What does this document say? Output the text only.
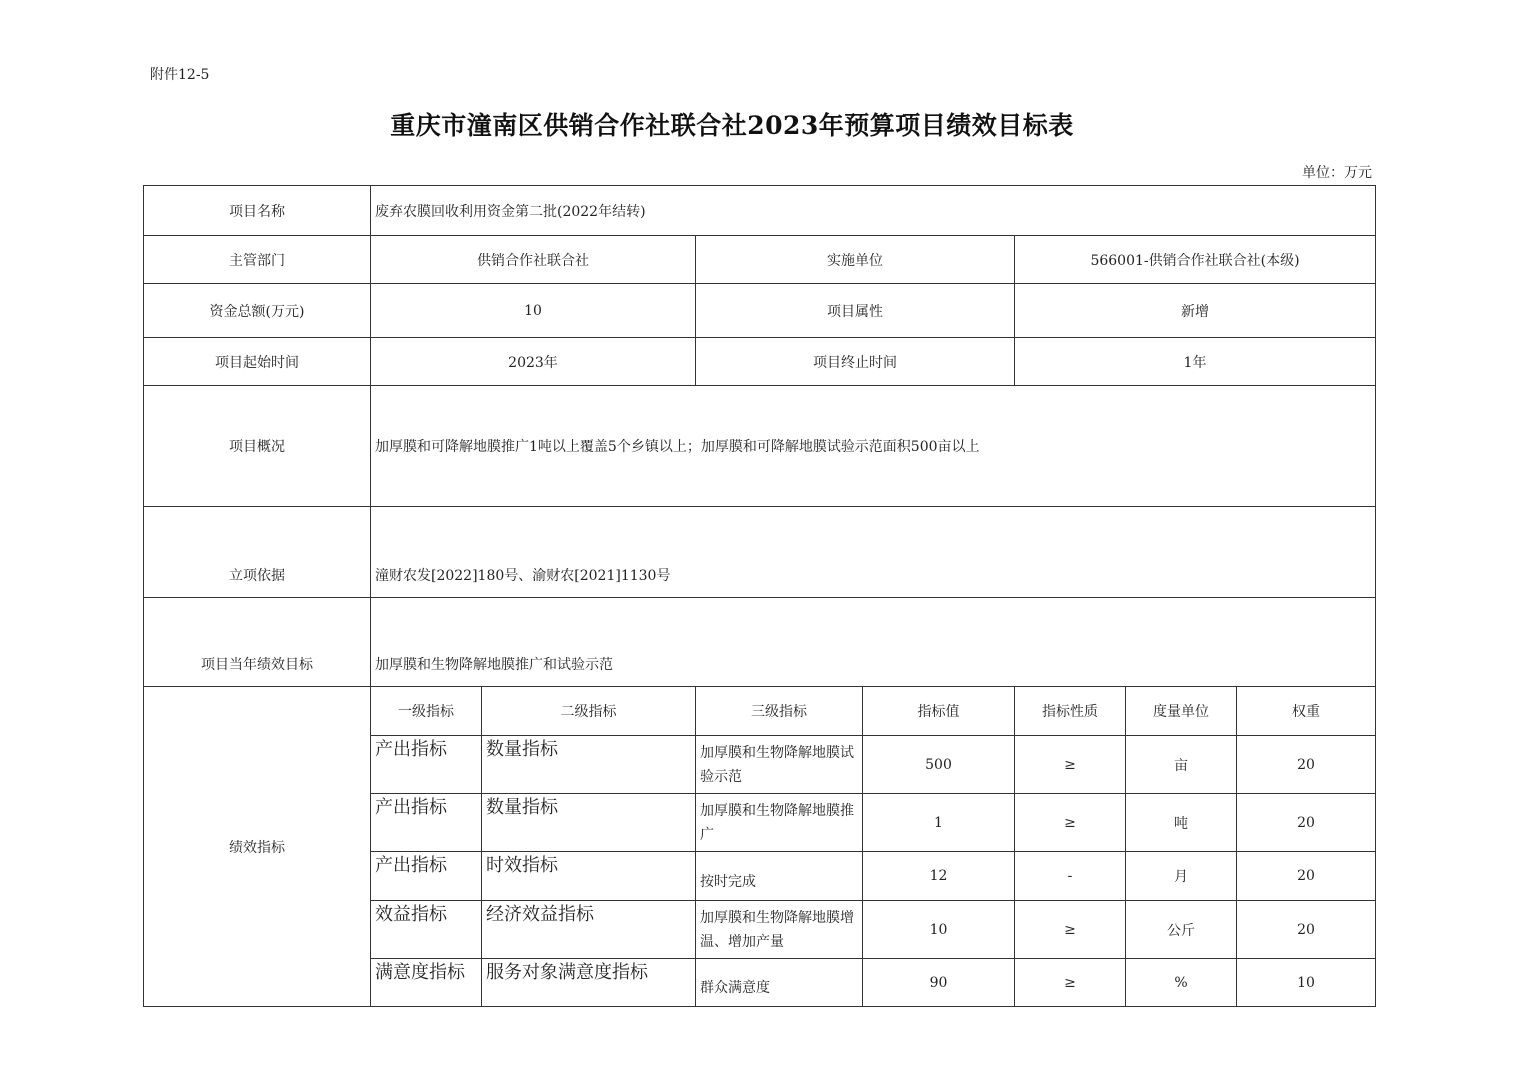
附件12-5
重庆市潼南区供销合作社联合社2023年预算项目绩效目标表
单位：万元
项目名称	废弃农膜回收利用资金第二批(2022年结转)						
主管部门	供销合作社联合社		实施单位		566001-供销合作社联合社(本级)		
资金总额(万元)	10		项目属性		新增		
项目起始时间	2023年		项目终止时间		1年		
项目概况	加厚膜和可降解地膜推广1吨以上覆盖5个乡镇以上；加厚膜和可降解地膜试验示范面积500亩以上						
立项依据	潼财农发[2022]180号、渝财农[2021]1130号						
项目当年绩效目标	加厚膜和生物降解地膜推广和试验示范						
绩效指标	一级指标	二级指标	三级指标	指标值	指标性质	度量单位	权重
	产出指标	数量指标	加厚膜和生物降解地膜试验示范	500	≥	亩	20
	产出指标	数量指标	加厚膜和生物降解地膜推广	1	≥	吨	20
	产出指标	时效指标	按时完成	12	-	月	20
	效益指标	经济效益指标	加厚膜和生物降解地膜增温、增加产量	10	≥	公斤	20
	满意度指标	服务对象满意度指标	群众满意度	90	≥	%	10
